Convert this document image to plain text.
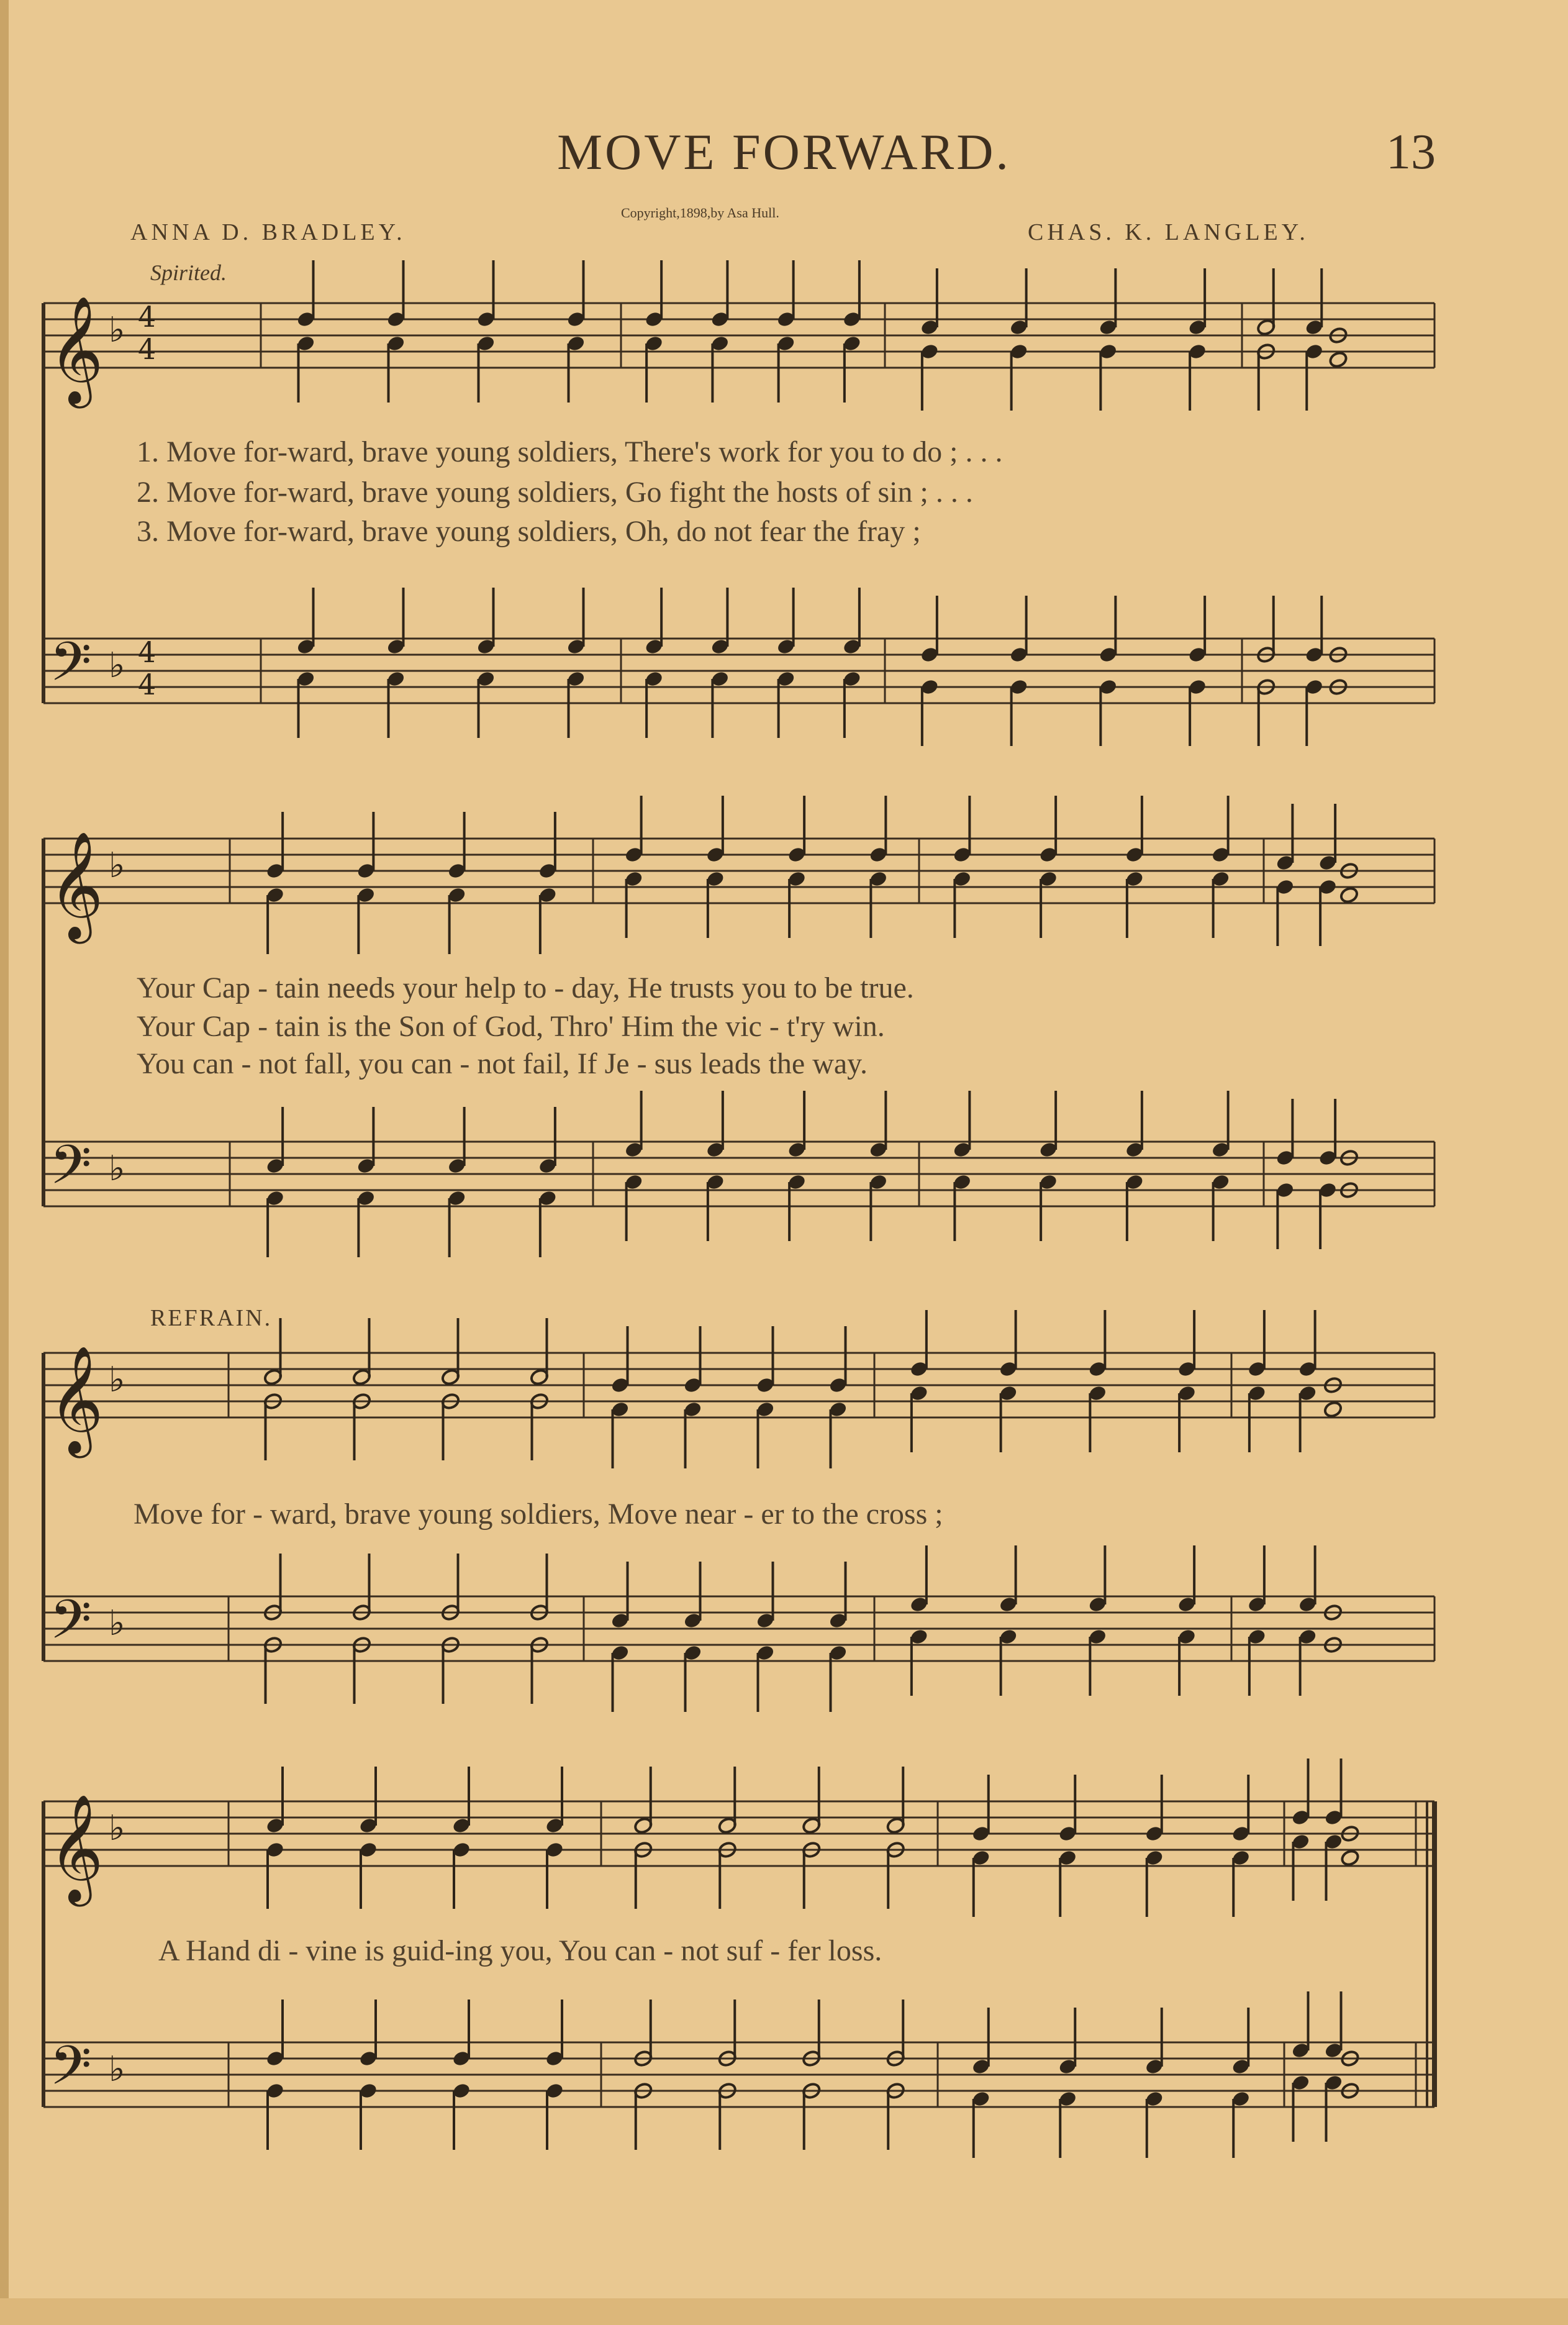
MOVE FORWARD.	13
ANNA D. BRADLEY.
Copyright,1898,by Asa Hull.
CHAS. K. LANGLEY.
Spirited.
1. Move for-ward, brave young soldiers, There's work for you to do ; . . .
2. Move for-ward, brave young soldiers, Go fight the hosts of sin ; . . .
3. Move for-ward, brave young soldiers, Oh, do not fear the fray ;
Your Cap - tain needs your help to - day, He trusts you to be true.
Your Cap - tain is the Son of God, Thro' Him the vic - t'ry win.
You can - not fall, you can - not fail, If Je - sus leads the way.
REFRAIN.
Move for - ward, brave young soldiers, Move near - er to the cross ;
A Hand di - vine is guid-ing you, You can - not suf - fer loss.
𝄞 ♭ 4
4
𝄢 ♭ 4
4
𝄞 ♭
𝄢 ♭
𝄞 ♭
𝄢 ♭
𝄞 ♭
𝄢 ♭
